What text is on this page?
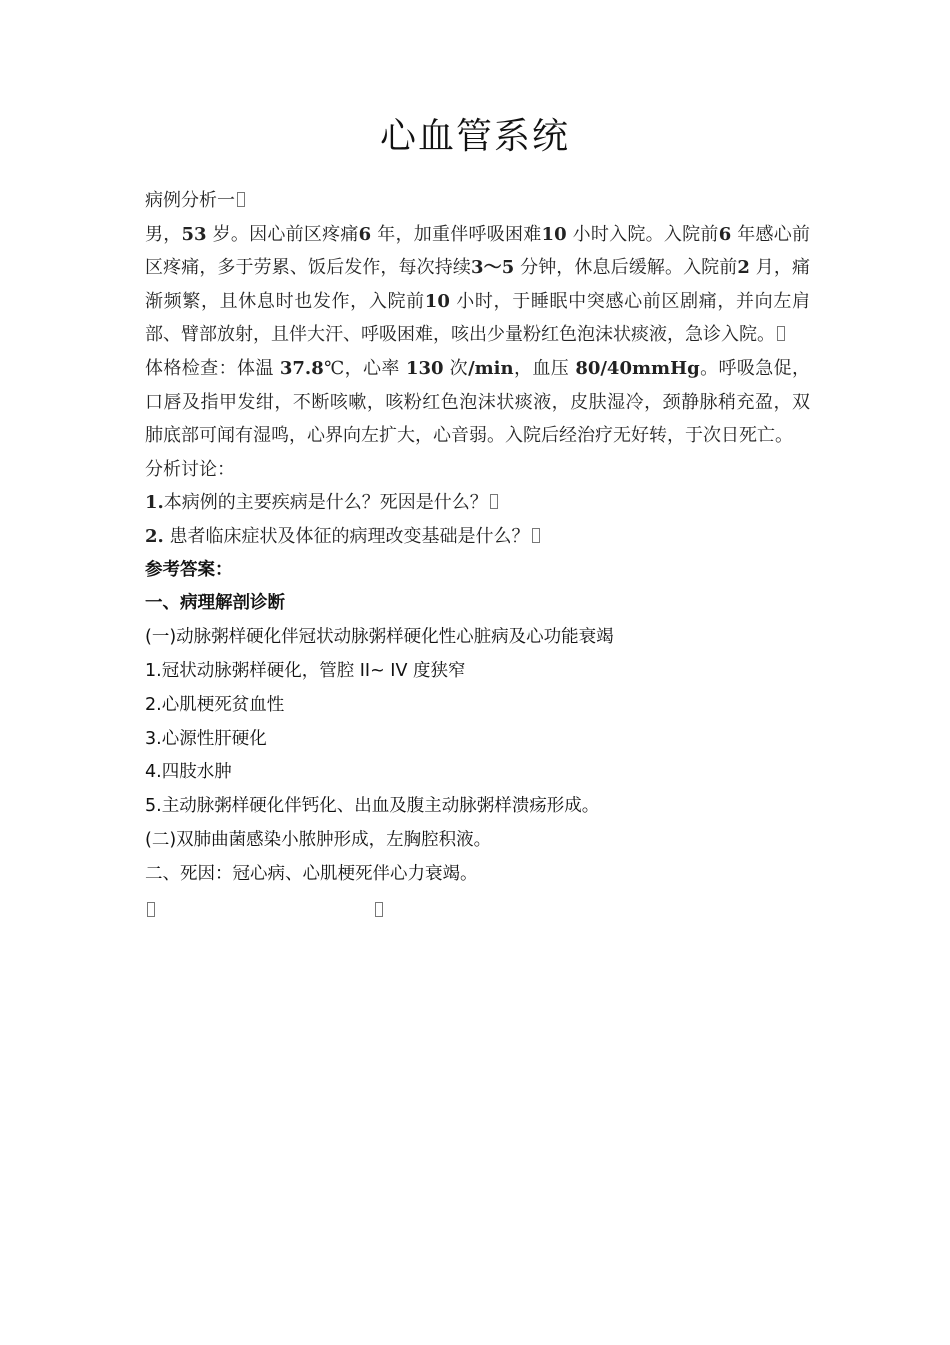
心血管系统

病例分析一

男，53 岁。因心前区疼痛6 年，加重伴呼吸困难10 小时入院。入院前6 年感心前区疼痛，多于劳累、饭后发作，每次持续3～5 分钟，休息后缓解。入院前2 月，痛渐频繁，且休息时也发作，入院前10 小时，于睡眠中突感心前区剧痛，并向左肩部、臂部放射，且伴大汗、呼吸困难，咳出少量粉红色泡沫状痰液，急诊入院。

体格检查：体温 37.8℃，心率 130 次/min，血压 80/40mmHg。呼吸急促，口唇及指甲发绀，不断咳嗽，咳粉红色泡沫状痰液，皮肤湿冷，颈静脉稍充盈，双肺底部可闻有湿鸣，心界向左扩大，心音弱。入院后经治疗无好转，于次日死亡。

分析讨论：

1.本病例的主要疾病是什么？死因是什么？

2. 患者临床症状及体征的病理改变基础是什么？

参考答案：

一、病理解剖诊断

(一)动脉粥样硬化伴冠状动脉粥样硬化性心脏病及心功能衰竭

1.冠状动脉粥样硬化，管腔 II~ IV 度狭窄

2.心肌梗死贫血性

3.心源性肝硬化

4.四肢水肿

5.主动脉粥样硬化伴钙化、出血及腹主动脉粥样溃疡形成。

(二)双肺曲菌感染小脓肿形成，左胸腔积液。

二、死因：冠心病、心肌梗死伴心力衰竭。
